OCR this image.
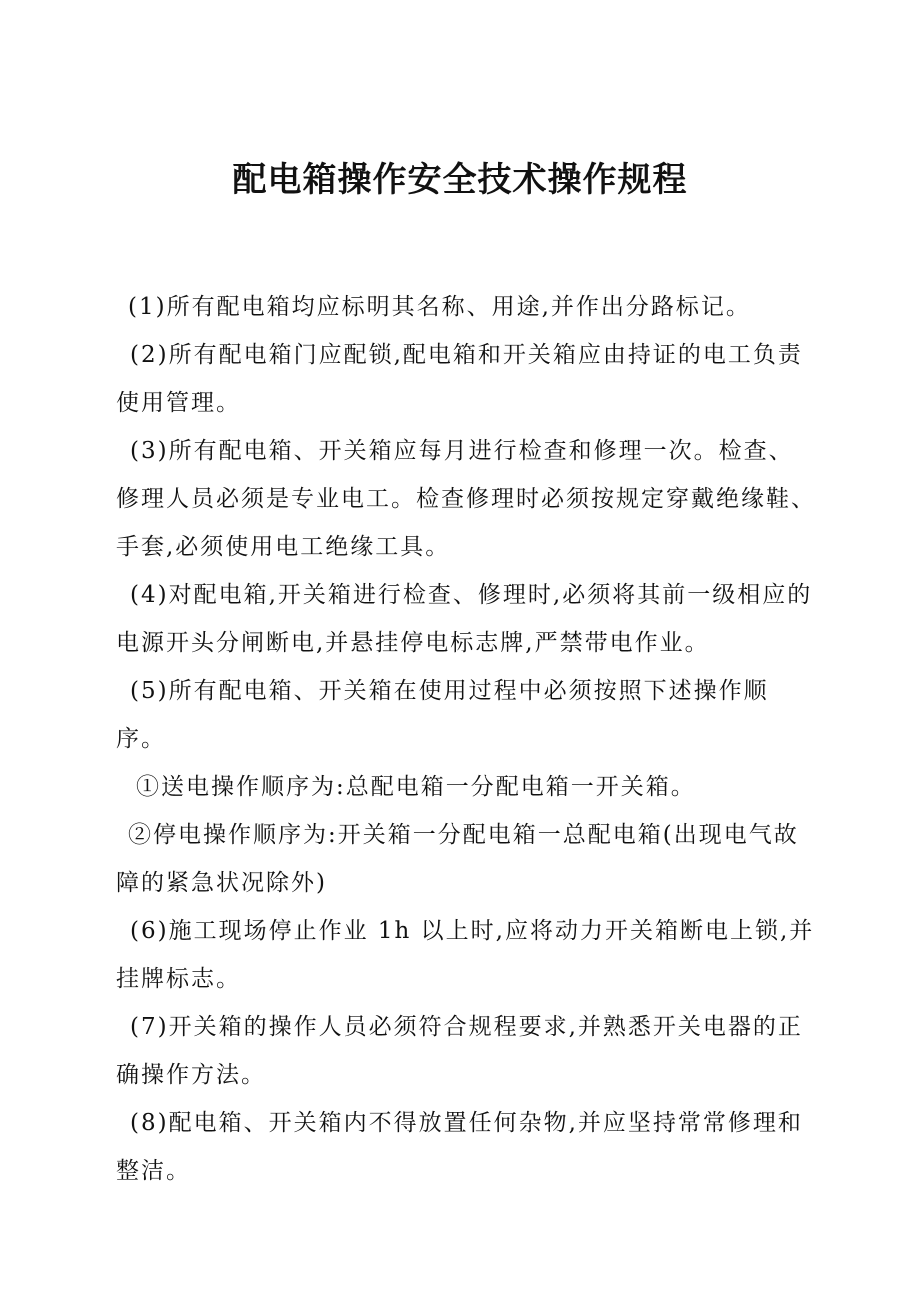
配电箱操作安全技术操作规程

(1)所有配电箱均应标明其名称、用途,并作出分路标记。

(2)所有配电箱门应配锁,配电箱和开关箱应由持证的电工负责使用管理。

(3)所有配电箱、开关箱应每月进行检查和修理一次。检查、修理人员必须是专业电工。检查修理时必须按规定穿戴绝缘鞋、手套,必须使用电工绝缘工具。

(4)对配电箱,开关箱进行检查、修理时,必须将其前一级相应的电源开头分闸断电,并悬挂停电标志牌,严禁带电作业。

(5)所有配电箱、开关箱在使用过程中必须按照下述操作顺序。

①送电操作顺序为:总配电箱一分配电箱一开关箱。

②停电操作顺序为:开关箱一分配电箱一总配电箱(出现电气故障的紧急状况除外)

(6)施工现场停止作业 1h 以上时,应将动力开关箱断电上锁,并挂牌标志。

(7)开关箱的操作人员必须符合规程要求,并熟悉开关电器的正确操作方法。

(8)配电箱、开关箱内不得放置任何杂物,并应坚持常常修理和整洁。
